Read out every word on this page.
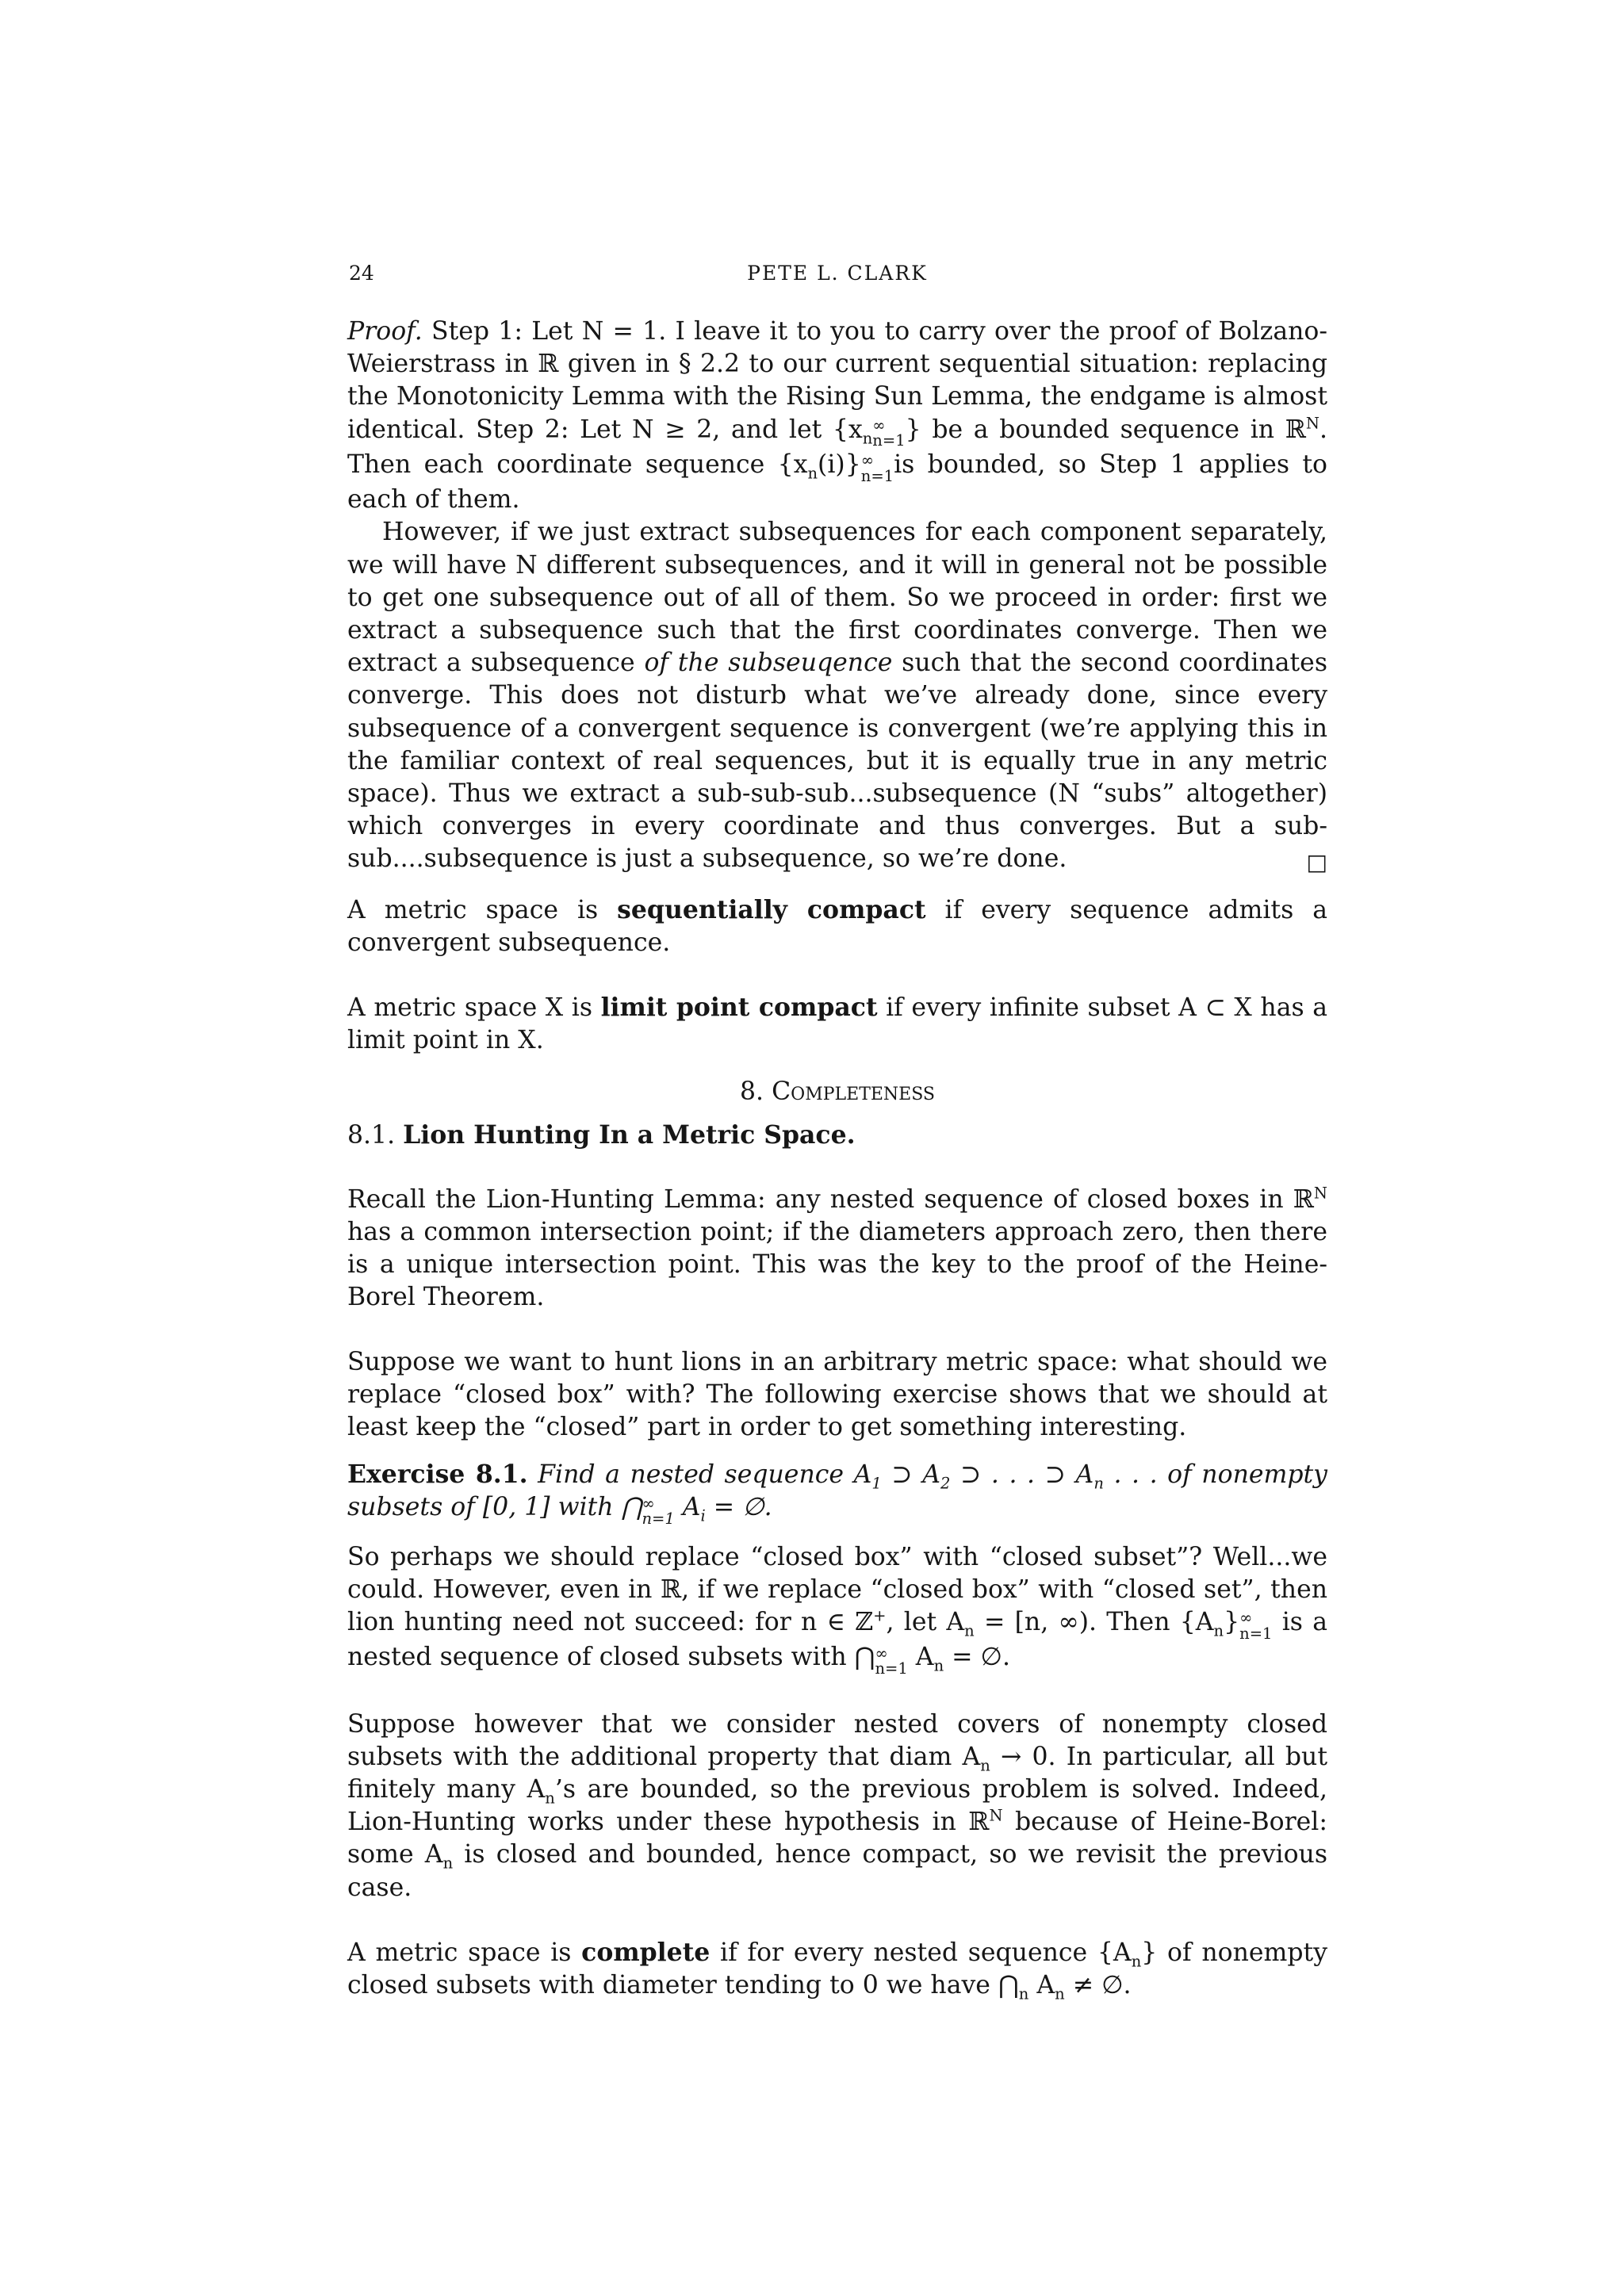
24	PETE L. CLARK

Proof. Step 1: Let N = 1. I leave it to you to carry over the proof of Bolzano-Weierstrass in ℝ given in § 2.2 to our current sequential situation: replacing the Monotonicity Lemma with the Rising Sun Lemma, the endgame is almost identical. Step 2: Let N ≥ 2, and let {$x_n$
∞
n=1 } be a bounded sequence in ℝ$^N$. Then each coordinate sequence $\{x_n(i)\}$ ∞
n=1 is bounded, so Step 1 applies to each of them.

However, if we just extract subsequences for each component separately, we will have N different subsequences, and it will in general not be possible to get one subsequence out of all of them. So we proceed in order: first we extract a subsequence such that the first coordinates converge. Then we extract a subsequence of the subseuqence such that the second coordinates converge. This does not disturb what we’ve already done, since every subsequence of a convergent sequence is convergent (we’re applying this in the familiar context of real sequences, but it is equally true in any metric space). Thus we extract a sub-sub-sub...subsequence (N “subs” altogether) which converges in every coordinate and thus converges. But a sub-sub....subsequence is just a subsequence, so we’re done.	□

A metric space is sequentially compact if every sequence admits a convergent subsequence.

A metric space X is limit point compact if every infinite subset A ⊂ X has a limit point in X.

8. Completeness

8.1. Lion Hunting In a Metric Space.

Recall the Lion-Hunting Lemma: any nested sequence of closed boxes in ℝ$^N$ has a common intersection point; if the diameters approach zero, then there is a unique intersection point. This was the key to the proof of the Heine-Borel Theorem.

Suppose we want to hunt lions in an arbitrary metric space: what should we replace “closed box” with? The following exercise shows that we should at least keep the “closed” part in order to get something interesting.

Exercise 8.1. Find a nested sequence $A_1$ ⊃ $A_2$ ⊃ . . . ⊃ $A_n$ . . . of nonempty subsets of [0, 1] with ⋂ ∞
n=1 $A_i$ = ∅.

So perhaps we should replace “closed box” with “closed subset”? Well...we could. However, even in ℝ, if we replace “closed box” with “closed set”, then lion hunting need not succeed: for n ∈ ℤ+, let $A_n = [n$, ∞). Then $\{A_n\}$ ∞
n=1 is a nested sequence of closed subsets with ⋂ ∞
n=1 $A_n$ = ∅.

Suppose however that we consider nested covers of nonempty closed subsets with the additional property that diam $A_n \to 0$. In particular, all but finitely many $A_n’s$ are bounded, so the previous problem is solved. Indeed, Lion-Hunting works under these hypothesis in ℝ$^N$ because of Heine-Borel: some $A_n$ is closed and bounded, hence compact, so we revisit the previous case.

A metric space is complete if for every nested sequence $\{A_n\}$ of nonempty closed subsets with diameter tending to 0 we have $⋂_n$ $A_n$ ≠ ∅.
